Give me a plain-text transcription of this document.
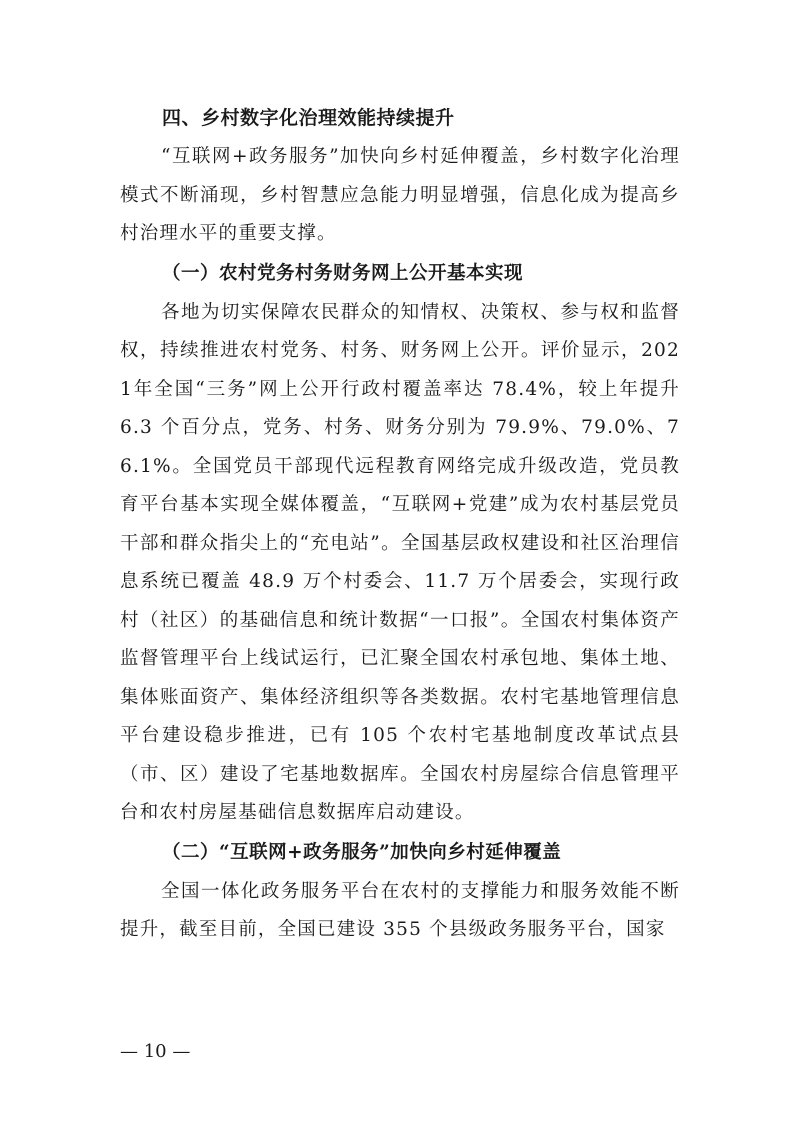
四、乡村数字化治理效能持续提升

“互联网+政务服务”加快向乡村延伸覆盖，乡村数字化治理模式不断涌现，乡村智慧应急能力明显增强，信息化成为提高乡村治理水平的重要支撑。

（一）农村党务村务财务网上公开基本实现

各地为切实保障农民群众的知情权、决策权、参与权和监督权，持续推进农村党务、村务、财务网上公开。评价显示，2021年全国“三务”网上公开行政村覆盖率达 78.4%，较上年提升 6.3 个百分点，党务、村务、财务分别为 79.9%、79.0%、76.1%。全国党员干部现代远程教育网络完成升级改造，党员教育平台基本实现全媒体覆盖，“互联网+党建”成为农村基层党员干部和群众指尖上的“充电站”。全国基层政权建设和社区治理信息系统已覆盖 48.9 万个村委会、11.7 万个居委会，实现行政村（社区）的基础信息和统计数据“一口报”。全国农村集体资产监督管理平台上线试运行，已汇聚全国农村承包地、集体土地、集体账面资产、集体经济组织等各类数据。农村宅基地管理信息平台建设稳步推进，已有 105 个农村宅基地制度改革试点县（市、区）建设了宅基地数据库。全国农村房屋综合信息管理平台和农村房屋基础信息数据库启动建设。

（二）“互联网+政务服务”加快向乡村延伸覆盖

全国一体化政务服务平台在农村的支撑能力和服务效能不断提升，截至目前，全国已建设 355 个县级政务服务平台，国家

— 10 —
